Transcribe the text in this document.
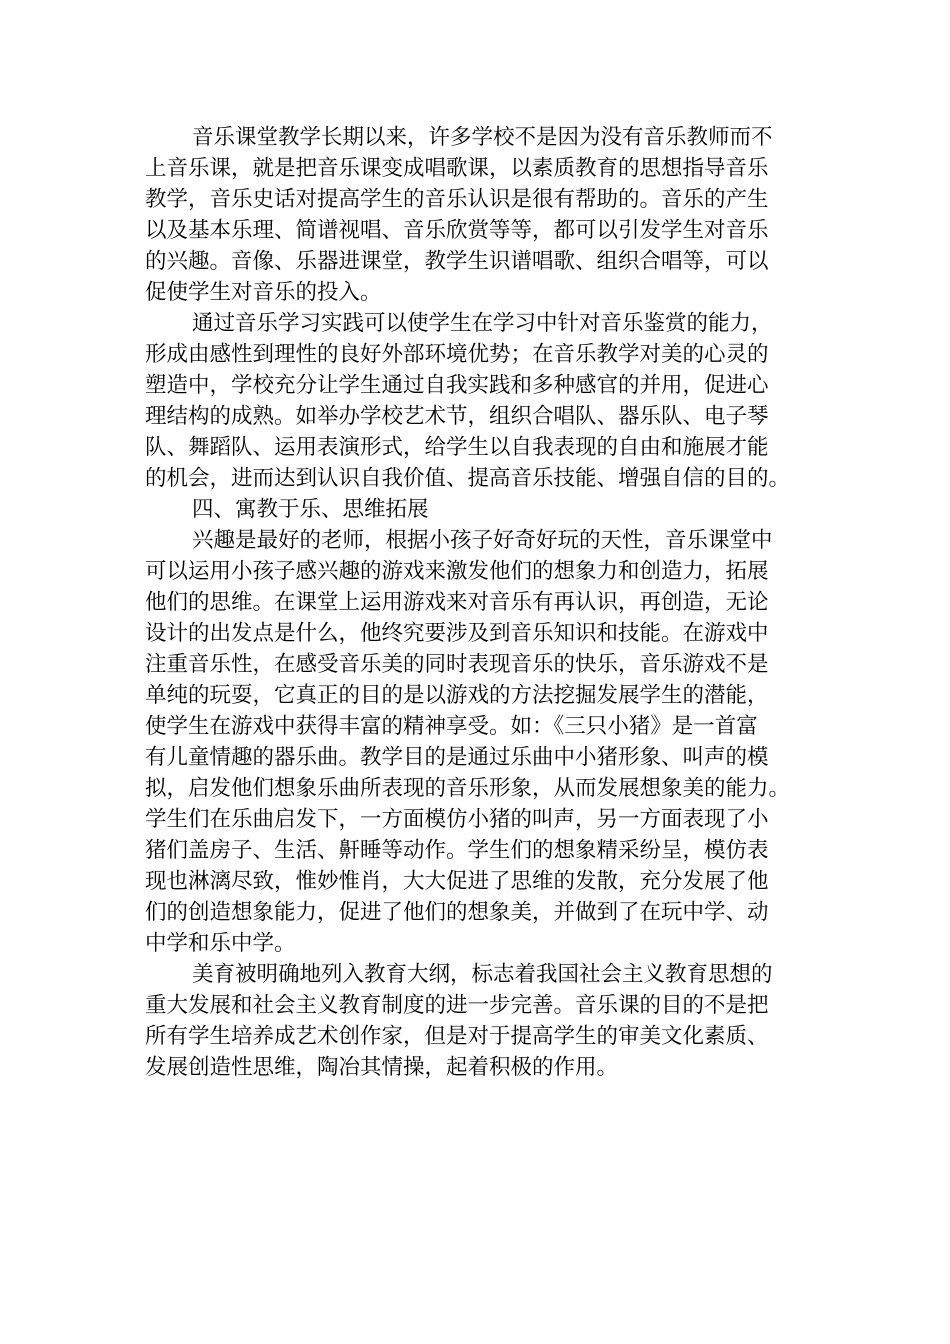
音乐课堂教学长期以来，许多学校不是因为没有音乐教师而不
上音乐课，就是把音乐课变成唱歌课，以素质教育的思想指导音乐
教学，音乐史话对提高学生的音乐认识是很有帮助的。音乐的产生
以及基本乐理、简谱视唱、音乐欣赏等等，都可以引发学生对音乐
的兴趣。音像、乐器进课堂，教学生识谱唱歌、组织合唱等，可以
促使学生对音乐的投入。
通过音乐学习实践可以使学生在学习中针对音乐鉴赏的能力，
形成由感性到理性的良好外部环境优势；在音乐教学对美的心灵的
塑造中，学校充分让学生通过自我实践和多种感官的并用，促进心
理结构的成熟。如举办学校艺术节，组织合唱队、器乐队、电子琴
队、舞蹈队、运用表演形式，给学生以自我表现的自由和施展才能
的机会，进而达到认识自我价值、提高音乐技能、增强自信的目的。
四、寓教于乐、思维拓展
兴趣是最好的老师，根据小孩子好奇好玩的天性，音乐课堂中
可以运用小孩子感兴趣的游戏来激发他们的想象力和创造力，拓展
他们的思维。在课堂上运用游戏来对音乐有再认识，再创造，无论
设计的出发点是什么，他终究要涉及到音乐知识和技能。在游戏中
注重音乐性，在感受音乐美的同时表现音乐的快乐，音乐游戏不是
单纯的玩耍，它真正的目的是以游戏的方法挖掘发展学生的潜能，
使学生在游戏中获得丰富的精神享受。如：《三只小猪》是一首富
有儿童情趣的器乐曲。教学目的是通过乐曲中小猪形象、叫声的模
拟，启发他们想象乐曲所表现的音乐形象，从而发展想象美的能力。
学生们在乐曲启发下，一方面模仿小猪的叫声，另一方面表现了小
猪们盖房子、生活、鼾睡等动作。学生们的想象精采纷呈，模仿表
现也淋漓尽致，惟妙惟肖，大大促进了思维的发散，充分发展了他
们的创造想象能力，促进了他们的想象美，并做到了在玩中学、动
中学和乐中学。
美育被明确地列入教育大纲，标志着我国社会主义教育思想的
重大发展和社会主义教育制度的进一步完善。音乐课的目的不是把
所有学生培养成艺术创作家，但是对于提高学生的审美文化素质、
发展创造性思维，陶冶其情操，起着积极的作用。
